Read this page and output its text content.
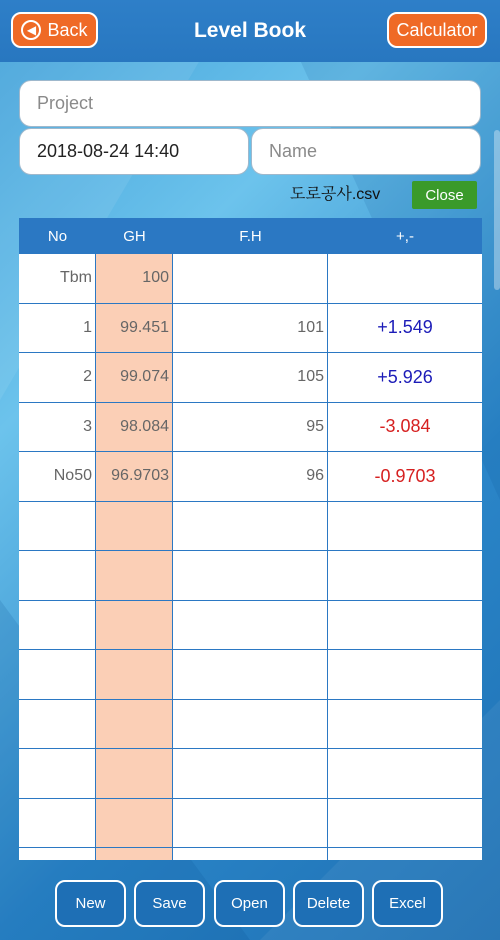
Level Book
◀ Back	Calculator
Project
2018-08-24 14:40
Name
도로공사.csv	Close
No	GH	F.H	+,-
Tbm	100
1	99.451	101	+1.549
2	99.074	105	+5.926
3	98.084	95	-3.084
No50	96.9703	96	-0.9703
New	Save	Open	Delete	Excel
